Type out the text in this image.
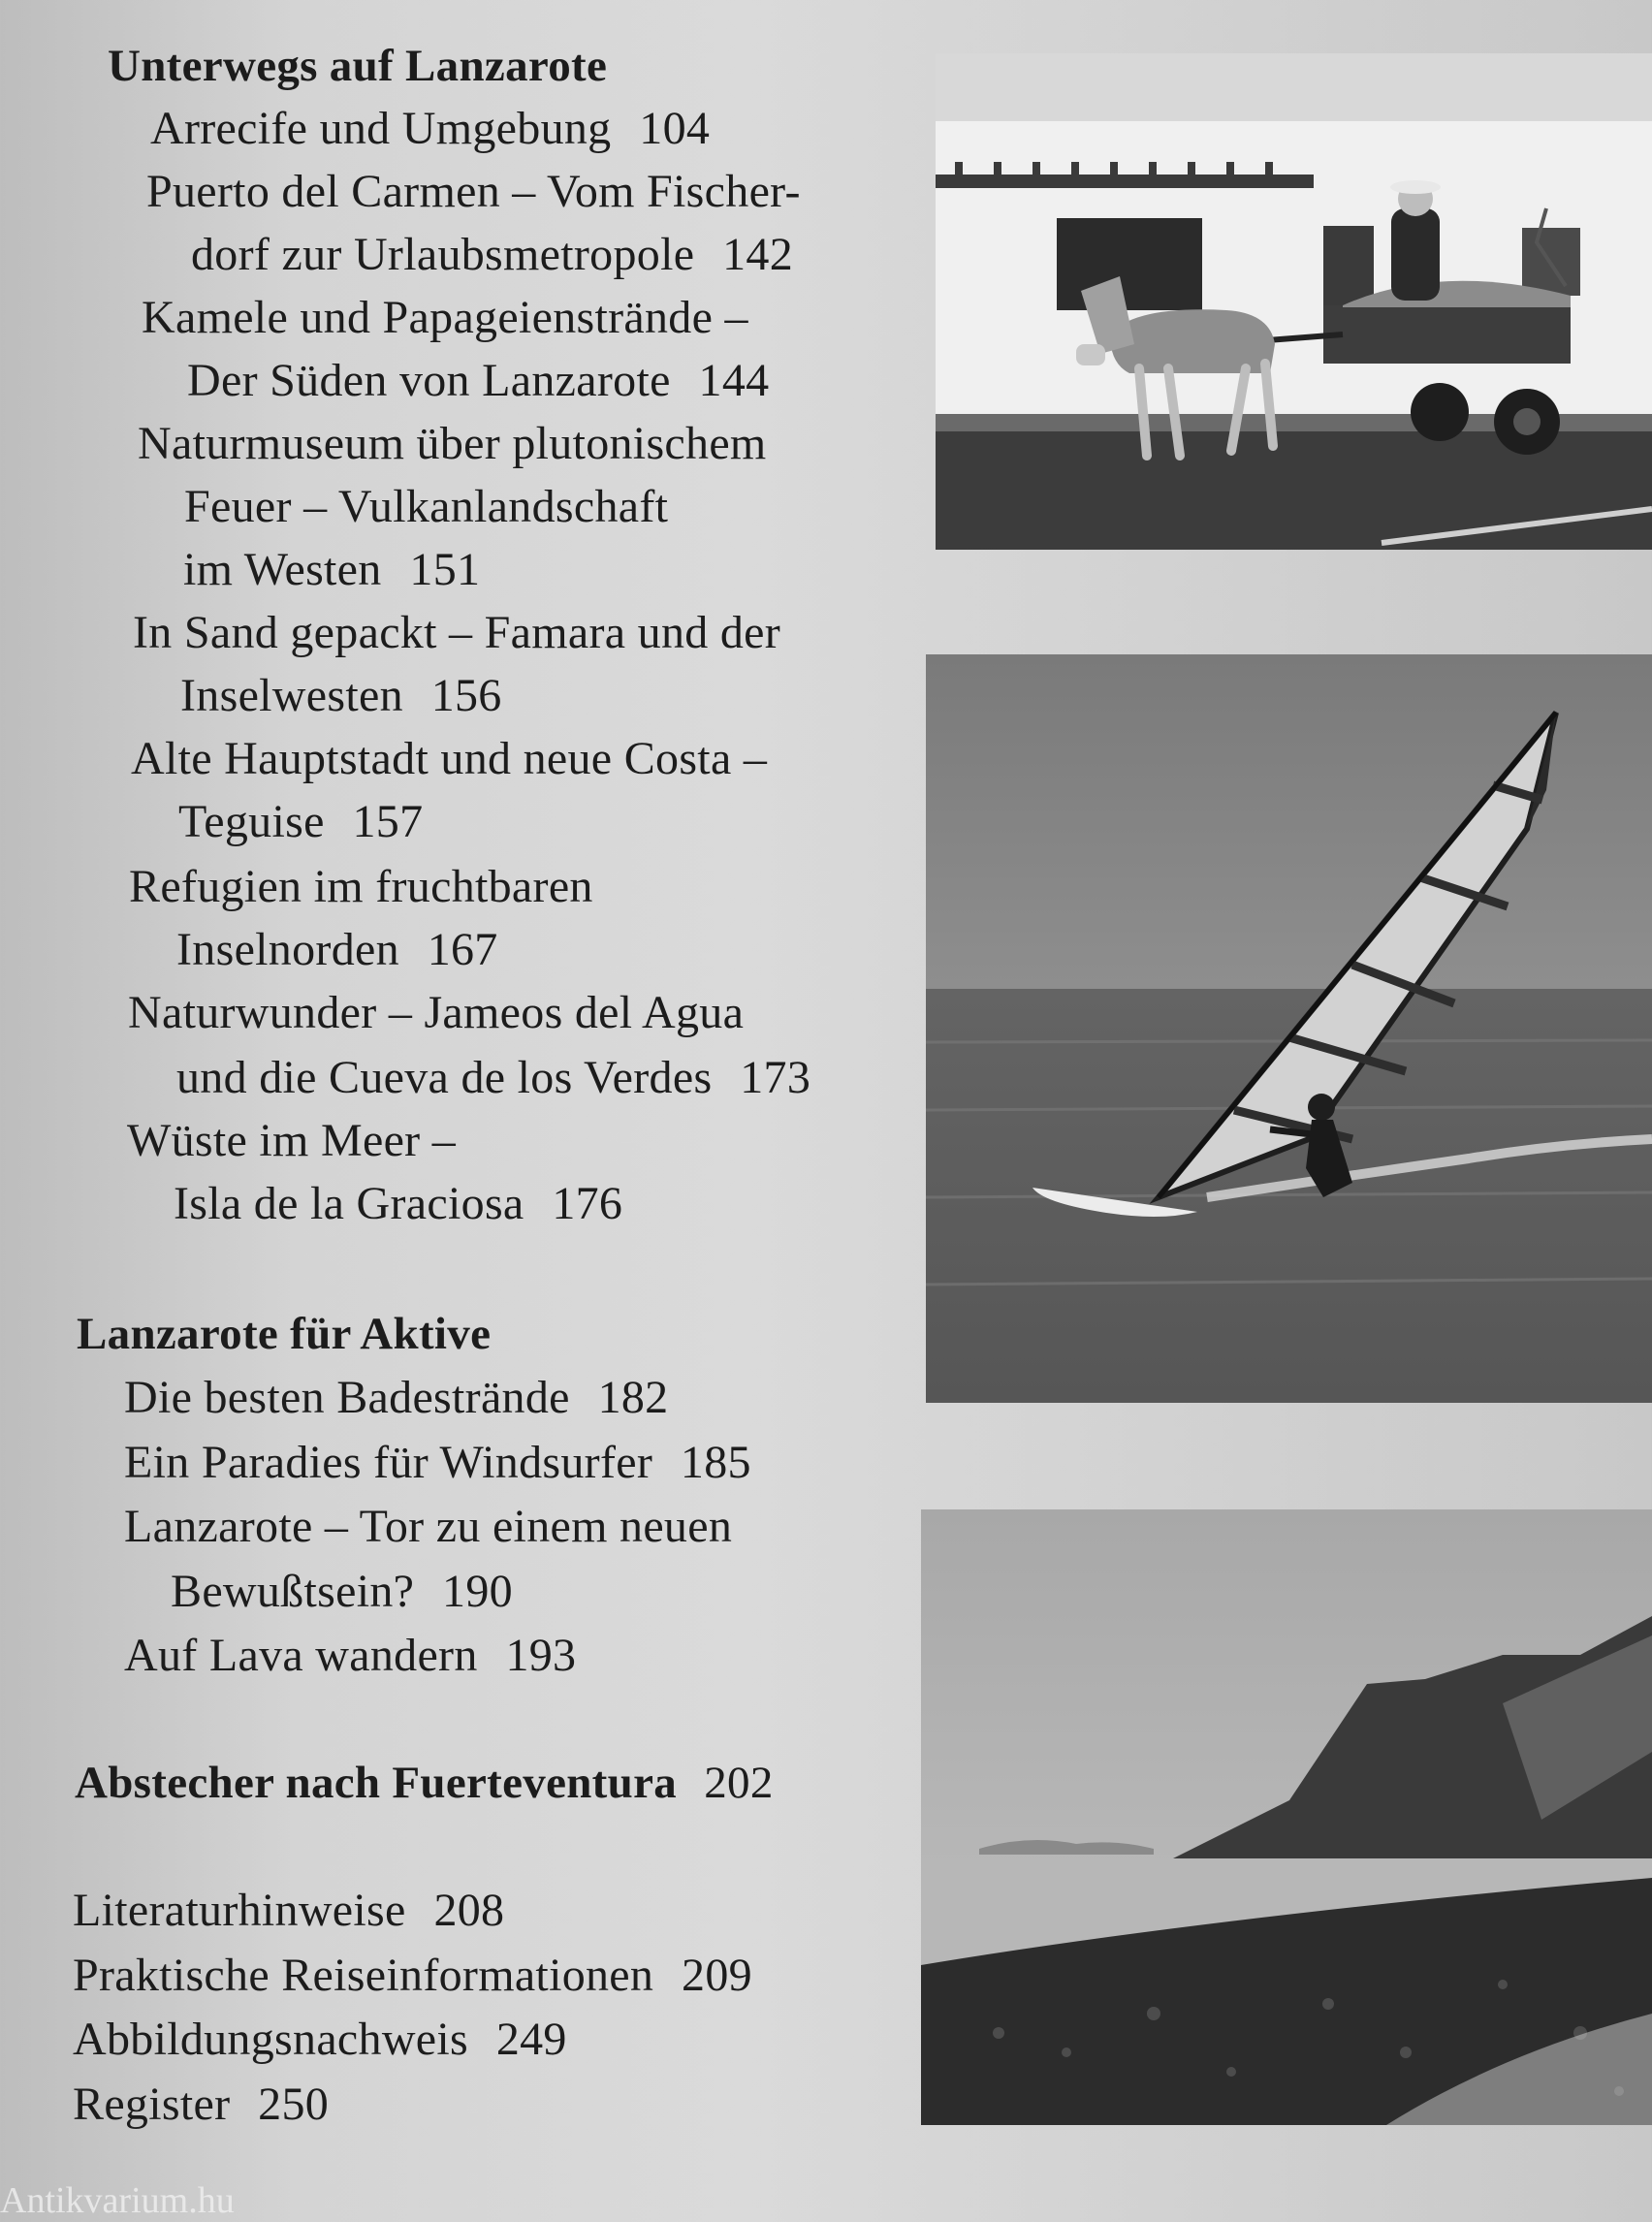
Unterwegs auf Lanzarote
Arrecife und Umgebung 104
Puerto del Carmen – Vom Fischer-
dorf zur Urlaubsmetropole 142
Kamele und Papageienstrände –
Der Süden von Lanzarote 144
Naturmuseum über plutonischem
Feuer – Vulkanlandschaft
im Westen 151
In Sand gepackt – Famara und der
Inselwesten 156
Alte Hauptstadt und neue Costa –
Teguise 157
Refugien im fruchtbaren
Inselnorden 167
Naturwunder – Jameos del Agua
und die Cueva de los Verdes 173
Wüste im Meer –
Isla de la Graciosa 176
Lanzarote für Aktive
Die besten Badestrände 182
Ein Paradies für Windsurfer 185
Lanzarote – Tor zu einem neuen
Bewußtsein? 190
Auf Lava wandern 193
Abstecher nach Fuerteventura 202
Literaturhinweise 208
Praktische Reiseinformationen 209
Abbildungsnachweis 249
Register 250
Antikvarium.hu
